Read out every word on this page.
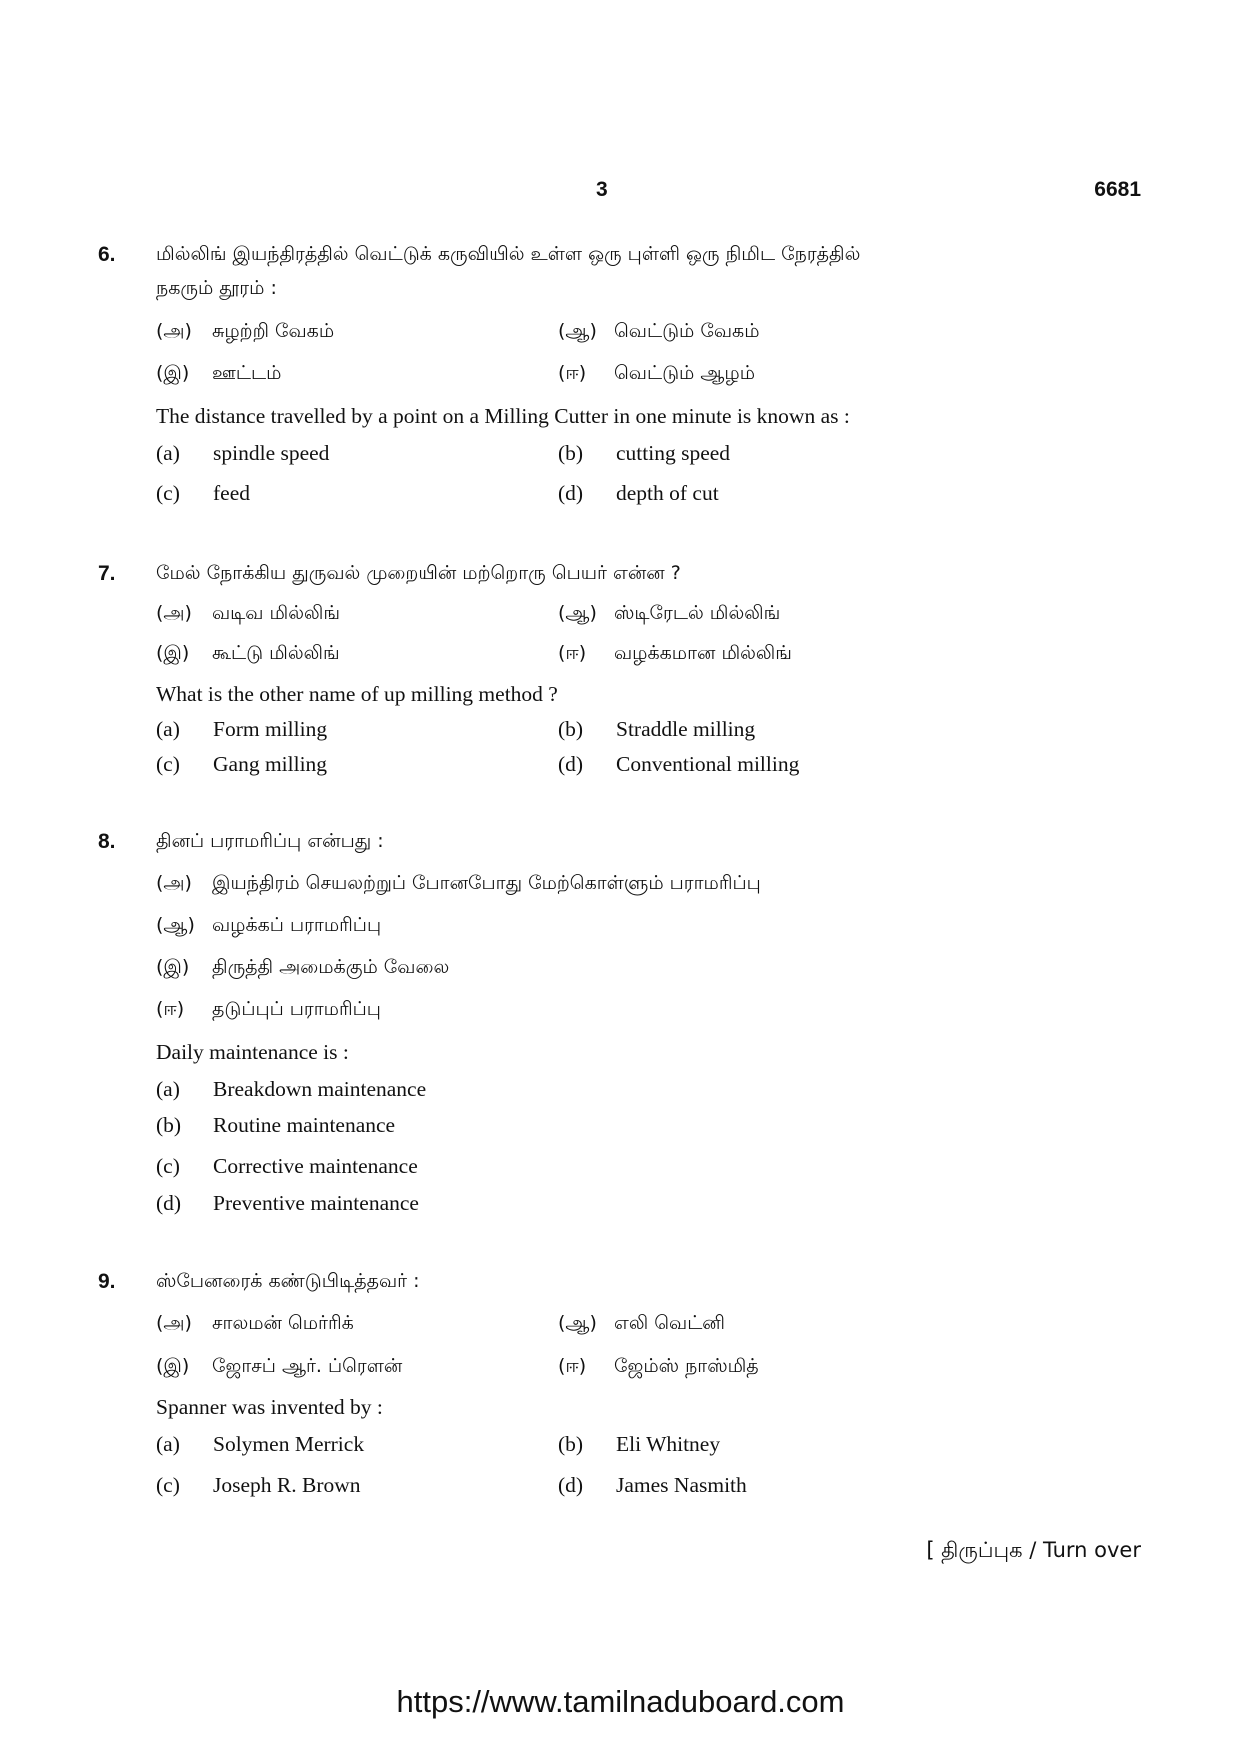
3	6681
6. மில்லிங் இயந்திரத்தில் வெட்டுக் கருவியில் உள்ள ஒரு புள்ளி ஒரு நிமிட நேரத்தில்
நகரும் தூரம் :
(அ) சுழற்றி வேகம்	(ஆ) வெட்டும் வேகம்
(இ) ஊட்டம்	(ஈ) வெட்டும் ஆழம்
The distance travelled by a point on a Milling Cutter in one minute is known as :
(a) spindle speed	(b) cutting speed
(c) feed	(d) depth of cut
7. மேல் நோக்கிய துருவல் முறையின் மற்றொரு பெயர் என்ன ?
(அ) வடிவ மில்லிங்	(ஆ) ஸ்டிரேடல் மில்லிங்
(இ) கூட்டு மில்லிங்	(ஈ) வழக்கமான மில்லிங்
What is the other name of up milling method ?
(a) Form milling	(b) Straddle milling
(c) Gang milling	(d) Conventional milling
8. தினப் பராமரிப்பு என்பது :
(அ) இயந்திரம் செயலற்றுப் போனபோது மேற்கொள்ளும் பராமரிப்பு
(ஆ) வழக்கப் பராமரிப்பு
(இ) திருத்தி அமைக்கும் வேலை
(ஈ) தடுப்புப் பராமரிப்பு
Daily maintenance is :
(a) Breakdown maintenance
(b) Routine maintenance
(c) Corrective maintenance
(d) Preventive maintenance
9. ஸ்பேனரைக் கண்டுபிடித்தவர் :
(அ) சாலமன் மெர்ரிக்	(ஆ) எலி வெட்னி
(இ) ஜோசப் ஆர். ப்ரௌன்	(ஈ) ஜேம்ஸ் நாஸ்மித்
Spanner was invented by :
(a) Solymen Merrick	(b) Eli Whitney
(c) Joseph R. Brown	(d) James Nasmith
[ திருப்புக / Turn over
https://www.tamilnaduboard.com
